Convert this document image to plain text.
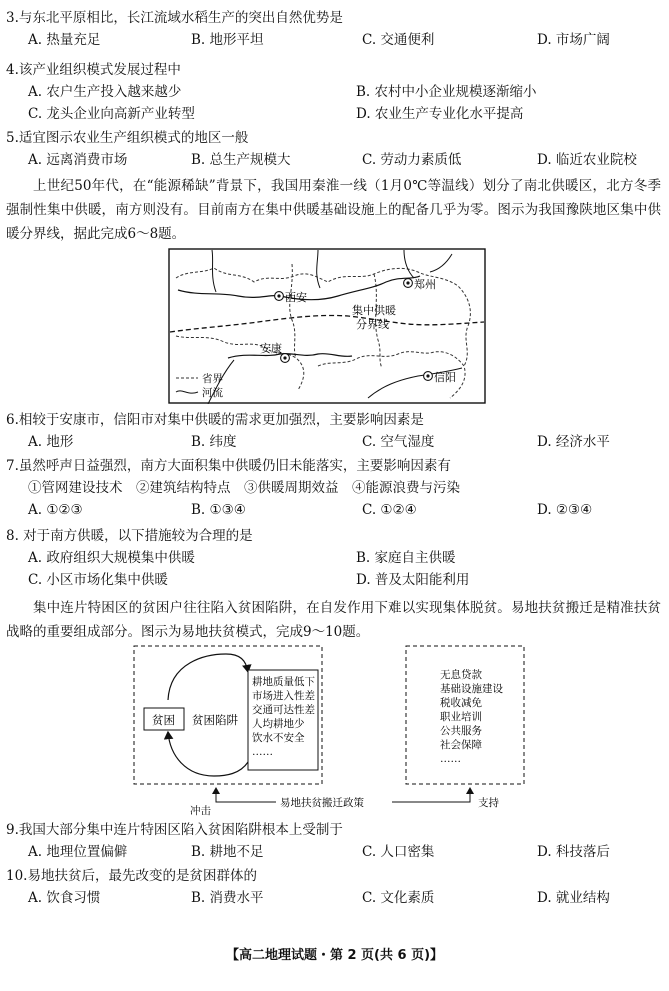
3.与东北平原相比，长江流域水稻生产的突出自然优势是
A. 热量充足	B. 地形平坦	C. 交通便利	D. 市场广阔
4.该产业组织模式发展过程中
A. 农户生产投入越来越少	B. 农村中小企业规模逐渐缩小
C. 龙头企业向高新产业转型	D. 农业生产专业化水平提高
5.适宜图示农业生产组织模式的地区一般
A. 远离消费市场	B. 总生产规模大	C. 劳动力素质低	D. 临近农业院校
上世纪50年代，在“能源稀缺”背景下，我国用秦淮一线（1月0℃等温线）划分了南北供暖区，北方冬季强制性集中供暖，南方则没有。目前南方在集中供暖基础设施上的配备几乎为零。图示为我国豫陕地区集中供暖分界线，据此完成6～8题。
西安
郑州
安康
信阳
集中供暖
分界线
省界
河流
6.相较于安康市，信阳市对集中供暖的需求更加强烈，主要影响因素是
A. 地形	B. 纬度	C. 空气湿度	D. 经济水平
7.虽然呼声日益强烈，南方大面积集中供暖仍旧未能落实，主要影响因素有
①管网建设技术　②建筑结构特点　③供暖周期效益　④能源浪费与污染
A. ①②③	B. ①③④	C. ①②④	D. ②③④
8. 对于南方供暖，以下措施较为合理的是
A. 政府组织大规模集中供暖	B. 家庭自主供暖
C. 小区市场化集中供暖	D. 普及太阳能利用
集中连片特困区的贫困户往往陷入贫困陷阱，在自发作用下难以实现集体脱贫。易地扶贫搬迁是精准扶贫战略的重要组成部分。图示为易地扶贫模式，完成9～10题。
贫困 贫困陷阱
耕地质量低下
市场进入性差
交通可达性差
人均耕地少
饮水不安全
……
无息贷款
基础设施建设
税收减免
职业培训
公共服务
社会保障
……
冲击
易地扶贫搬迁政策	支持
9.我国大部分集中连片特困区陷入贫困陷阱根本上受制于
A. 地理位置偏僻	B. 耕地不足	C. 人口密集	D. 科技落后
10.易地扶贫后，最先改变的是贫困群体的
A. 饮食习惯	B. 消费水平	C. 文化素质	D. 就业结构
【高二地理试题・第 2 页(共 6 页)】
